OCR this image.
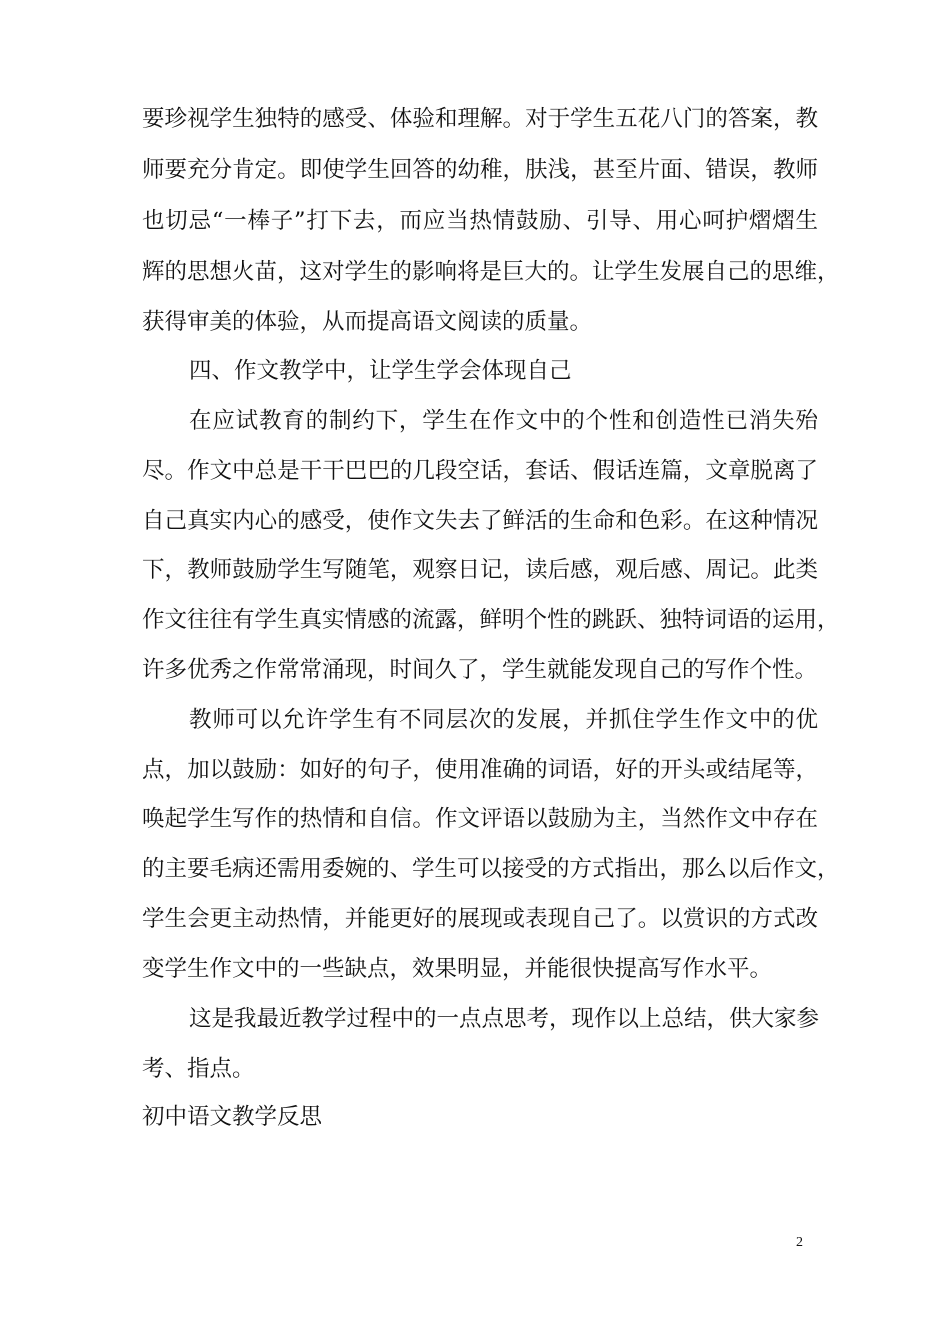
要珍视学生独特的感受、体验和理解。对于学生五花八门的答案，教
师要充分肯定。即使学生回答的幼稚，肤浅，甚至片面、错误，教师
也切忌“一棒子”打下去，而应当热情鼓励、引导、用心呵护熠熠生
辉的思想火苗，这对学生的影响将是巨大的。让学生发展自己的思维，
获得审美的体验，从而提高语文阅读的质量。
四、作文教学中，让学生学会体现自己
在应试教育的制约下，学生在作文中的个性和创造性已消失殆
尽。作文中总是干干巴巴的几段空话，套话、假话连篇，文章脱离了
自己真实内心的感受，使作文失去了鲜活的生命和色彩。在这种情况
下，教师鼓励学生写随笔，观察日记，读后感，观后感、周记。此类
作文往往有学生真实情感的流露，鲜明个性的跳跃、独特词语的运用，
许多优秀之作常常涌现，时间久了，学生就能发现自己的写作个性。
教师可以允许学生有不同层次的发展，并抓住学生作文中的优
点，加以鼓励：如好的句子，使用准确的词语，好的开头或结尾等，
唤起学生写作的热情和自信。作文评语以鼓励为主，当然作文中存在
的主要毛病还需用委婉的、学生可以接受的方式指出，那么以后作文，
学生会更主动热情，并能更好的展现或表现自己了。以赏识的方式改
变学生作文中的一些缺点，效果明显，并能很快提高写作水平。
这是我最近教学过程中的一点点思考，现作以上总结，供大家参
考、指点。
初中语文教学反思
2
